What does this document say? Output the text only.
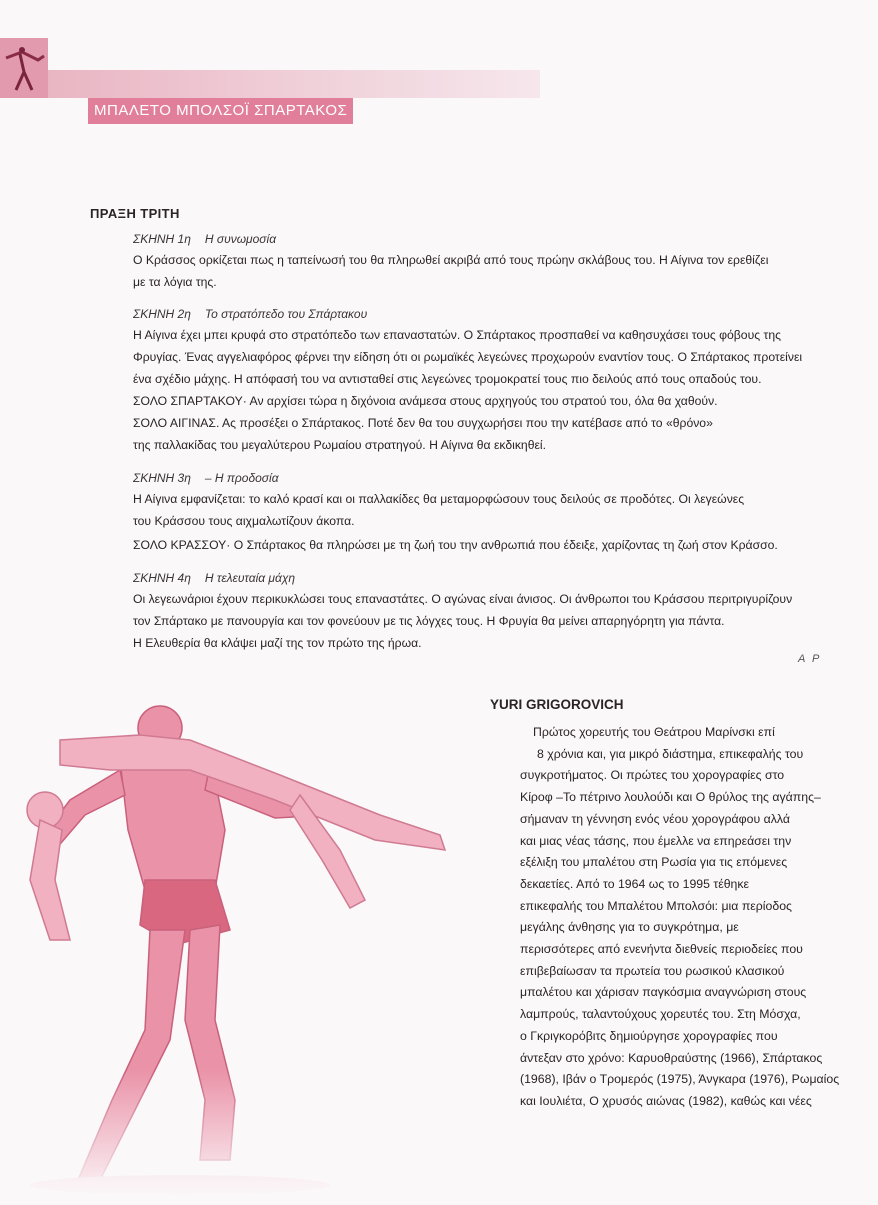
ΜΠΑΛΕΤΟ ΜΠΟΛΣΟΪ ΣΠΑΡΤΑΚΟΣ
ΠΡΑΞΗ ΤΡΙΤΗ
ΣΚΗΝΗ 1η Η συνωμοσία
Ο Κράσσος ορκίζεται πως η ταπείνωσή του θα πληρωθεί ακριβά από τους πρώην σκλάβους του. Η Αίγινα τον ερεθίζει
με τα λόγια της.
ΣΚΗΝΗ 2η Το στρατόπεδο του Σπάρτακου
Η Αίγινα έχει μπει κρυφά στο στρατόπεδο των επαναστατών. Ο Σπάρτακος προσπαθεί να καθησυχάσει τους φόβους της
Φρυγίας. Ένας αγγελιαφόρος φέρνει την είδηση ότι οι ρωμαϊκές λεγεώνες προχωρούν εναντίον τους. Ο Σπάρτακος προτείνει
ένα σχέδιο μάχης. Η απόφασή του να αντισταθεί στις λεγεώνες τρομοκρατεί τους πιο δειλούς από τους οπαδούς του.
ΣΟΛΟ ΣΠΑΡΤΑΚΟΥ· Αν αρχίσει τώρα η διχόνοια ανάμεσα στους αρχηγούς του στρατού του, όλα θα χαθούν.
ΣΟΛΟ ΑΙΓΙΝΑΣ. Ας προσέξει ο Σπάρτακος. Ποτέ δεν θα του συγχωρήσει που την κατέβασε από το «θρόνο»
της παλλακίδας του μεγαλύτερου Ρωμαίου στρατηγού. Η Αίγινα θα εκδικηθεί.
ΣΚΗΝΗ 3η – Η προδοσία
Η Αίγινα εμφανίζεται: το καλό κρασί και οι παλλακίδες θα μεταμορφώσουν τους δειλούς σε προδότες. Οι λεγεώνες
του Κράσσου τους αιχμαλωτίζουν άκοπα.
ΣΟΛΟ ΚΡΑΣΣΟΥ· Ο Σπάρτακος θα πληρώσει με τη ζωή του την ανθρωπιά που έδειξε, χαρίζοντας τη ζωή στον Κράσσο.
ΣΚΗΝΗ 4η Η τελευταία μάχη
Οι λεγεωνάριοι έχουν περικυκλώσει τους επαναστάτες. Ο αγώνας είναι άνισος. Οι άνθρωποι του Κράσσου περιτριγυρίζουν
τον Σπάρτακο με πανουργία και τον φονεύουν με τις λόγχες τους. Η Φρυγία θα μείνει απαρηγόρητη για πάντα.
Η Ελευθερία θα κλάψει μαζί της τον πρώτο της ήρωα.
Α Ρ
YURI GRIGOROVICH
Πρώτος χορευτής του Θεάτρου Μαρίνσκι επί
8 χρόνια και, για μικρό διάστημα, επικεφαλής του
συγκροτήματος. Οι πρώτες του χορογραφίες στο
Κίροφ –Το πέτρινο λουλούδι και Ο θρύλος της αγάπης–
σήμαναν τη γέννηση ενός νέου χορογράφου αλλά
και μιας νέας τάσης, που έμελλε να επηρεάσει την
εξέλιξη του μπαλέτου στη Ρωσία για τις επόμενες
δεκαετίες. Από το 1964 ως το 1995 τέθηκε
επικεφαλής του Μπαλέτου Μπολσόι: μια περίοδος
μεγάλης άνθησης για το συγκρότημα, με
περισσότερες από ενενήντα διεθνείς περιοδείες που
επιβεβαίωσαν τα πρωτεία του ρωσικού κλασικού
μπαλέτου και χάρισαν παγκόσμια αναγνώριση στους
λαμπρούς, ταλαντούχους χορευτές του. Στη Μόσχα,
ο Γκριγκορόβιτς δημιούργησε χορογραφίες που
άντεξαν στο χρόνο: Καρυοθραύστης (1966), Σπάρτακος
(1968), Ιβάν ο Τρομερός (1975), Άνγκαρα (1976), Ρωμαίος
και Ιουλιέτα, Ο χρυσός αιώνας (1982), καθώς και νέες
